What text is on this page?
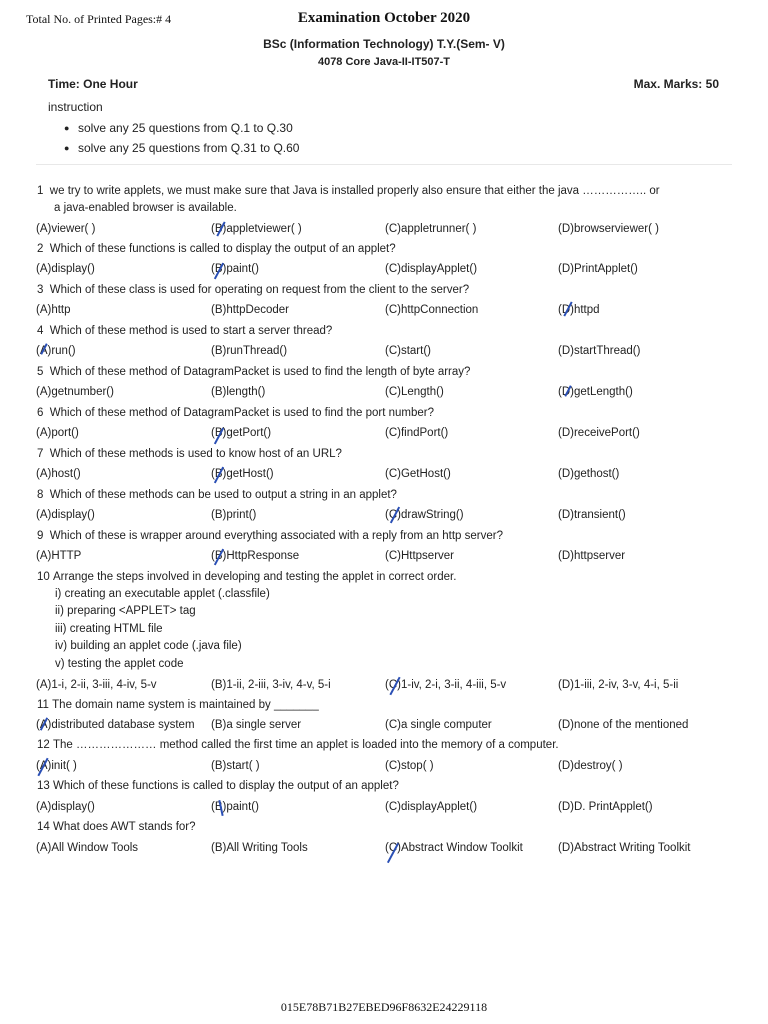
Total No. of Printed Pages:# 4	Examination October 2020
BSc (Information Technology) T.Y.(Sem- V)
4078 Core Java-II-IT507-T
Time: One Hour	Max. Marks: 50
instruction
● solve any 25 questions from Q.1 to Q.30
● solve any 25 questions from Q.31 to Q.60
1 we try to write applets, we must make sure that Java is installed properly also ensure that either the java …………….. or
a java-enabled browser is available.
(A)viewer( )	(B)appletviewer( )	(C)appletrunner( )	(D)browserviewer( )
2 Which of these functions is called to display the output of an applet?
(A)display()	(B)paint()	(C)displayApplet()	(D)PrintApplet()
3 Which of these class is used for operating on request from the client to the server?
(A)http	(B)httpDecoder	(C)httpConnection	(D)httpd
4 Which of these method is used to start a server thread?
(A)run()	(B)runThread()	(C)start()	(D)startThread()
5 Which of these method of DatagramPacket is used to find the length of byte array?
(A)getnumber()	(B)length()	(C)Length()	(D)getLength()
6 Which of these method of DatagramPacket is used to find the port number?
(A)port()	(B)getPort()	(C)findPort()	(D)receivePort()
7 Which of these methods is used to know host of an URL?
(A)host()	(B)getHost()	(C)GetHost()	(D)gethost()
8 Which of these methods can be used to output a string in an applet?
(A)display()	(B)print()	(C)drawString()	(D)transient()
9 Which of these is wrapper around everything associated with a reply from an http server?
(A)HTTP	(B)HttpResponse	(C)Httpserver	(D)httpserver
10 Arrange the steps involved in developing and testing the applet in correct order.
i) creating an executable applet (.classfile)
ii) preparing <APPLET> tag
iii) creating HTML file
iv) building an applet code (.java file)
v) testing the applet code
(A)1-i, 2-ii, 3-iii, 4-iv, 5-v	(B)1-ii, 2-iii, 3-iv, 4-v, 5-i	(C)1-iv, 2-i, 3-ii, 4-iii, 5-v	(D)1-iii, 2-iv, 3-v, 4-i, 5-ii
11 The domain name system is maintained by _______
(A)distributed database system (B)a single server	(C)a single computer	(D)none of the mentioned
12 The ………………… method called the first time an applet is loaded into the memory of a computer.
(A)init( )	(B)start( )	(C)stop( )	(D)destroy( )
13 Which of these functions is called to display the output of an applet?
(A)display()	(B)paint()	(C)displayApplet()	(D)D. PrintApplet()
14 What does AWT stands for?
(A)All Window Tools	(B)All Writing Tools	(C)Abstract Window Toolkit	(D)Abstract Writing Toolkit
015E78B71B27EBED96F8632E24229118
